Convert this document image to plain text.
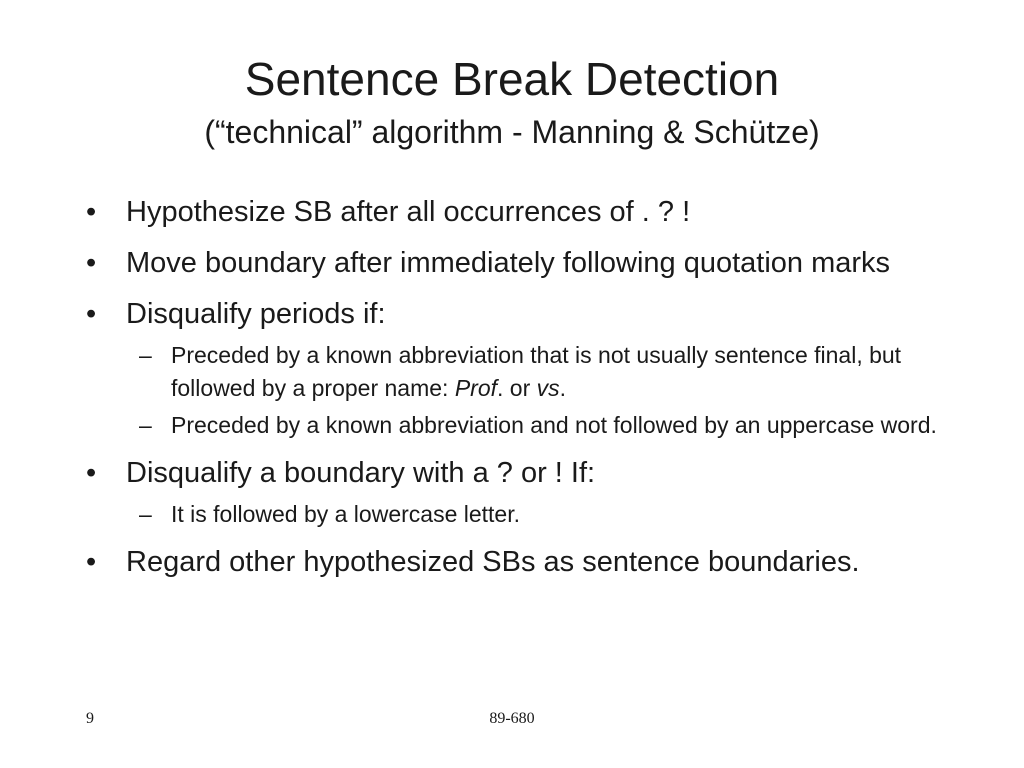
Sentence Break Detection
(“technical” algorithm - Manning & Schütze)
•	Hypothesize SB after all occurrences of . ? !
•	Move boundary after immediately following quotation marks
•	Disqualify periods if:
– Preceded by a known abbreviation that is not usually sentence final, but followed by a proper name: Prof. or vs.
– Preceded by a known abbreviation and not followed by an uppercase word.
•	Disqualify a boundary with a ? or ! If:
– It is followed by a lowercase letter.
•	Regard other hypothesized SBs as sentence boundaries.
9	89-680
